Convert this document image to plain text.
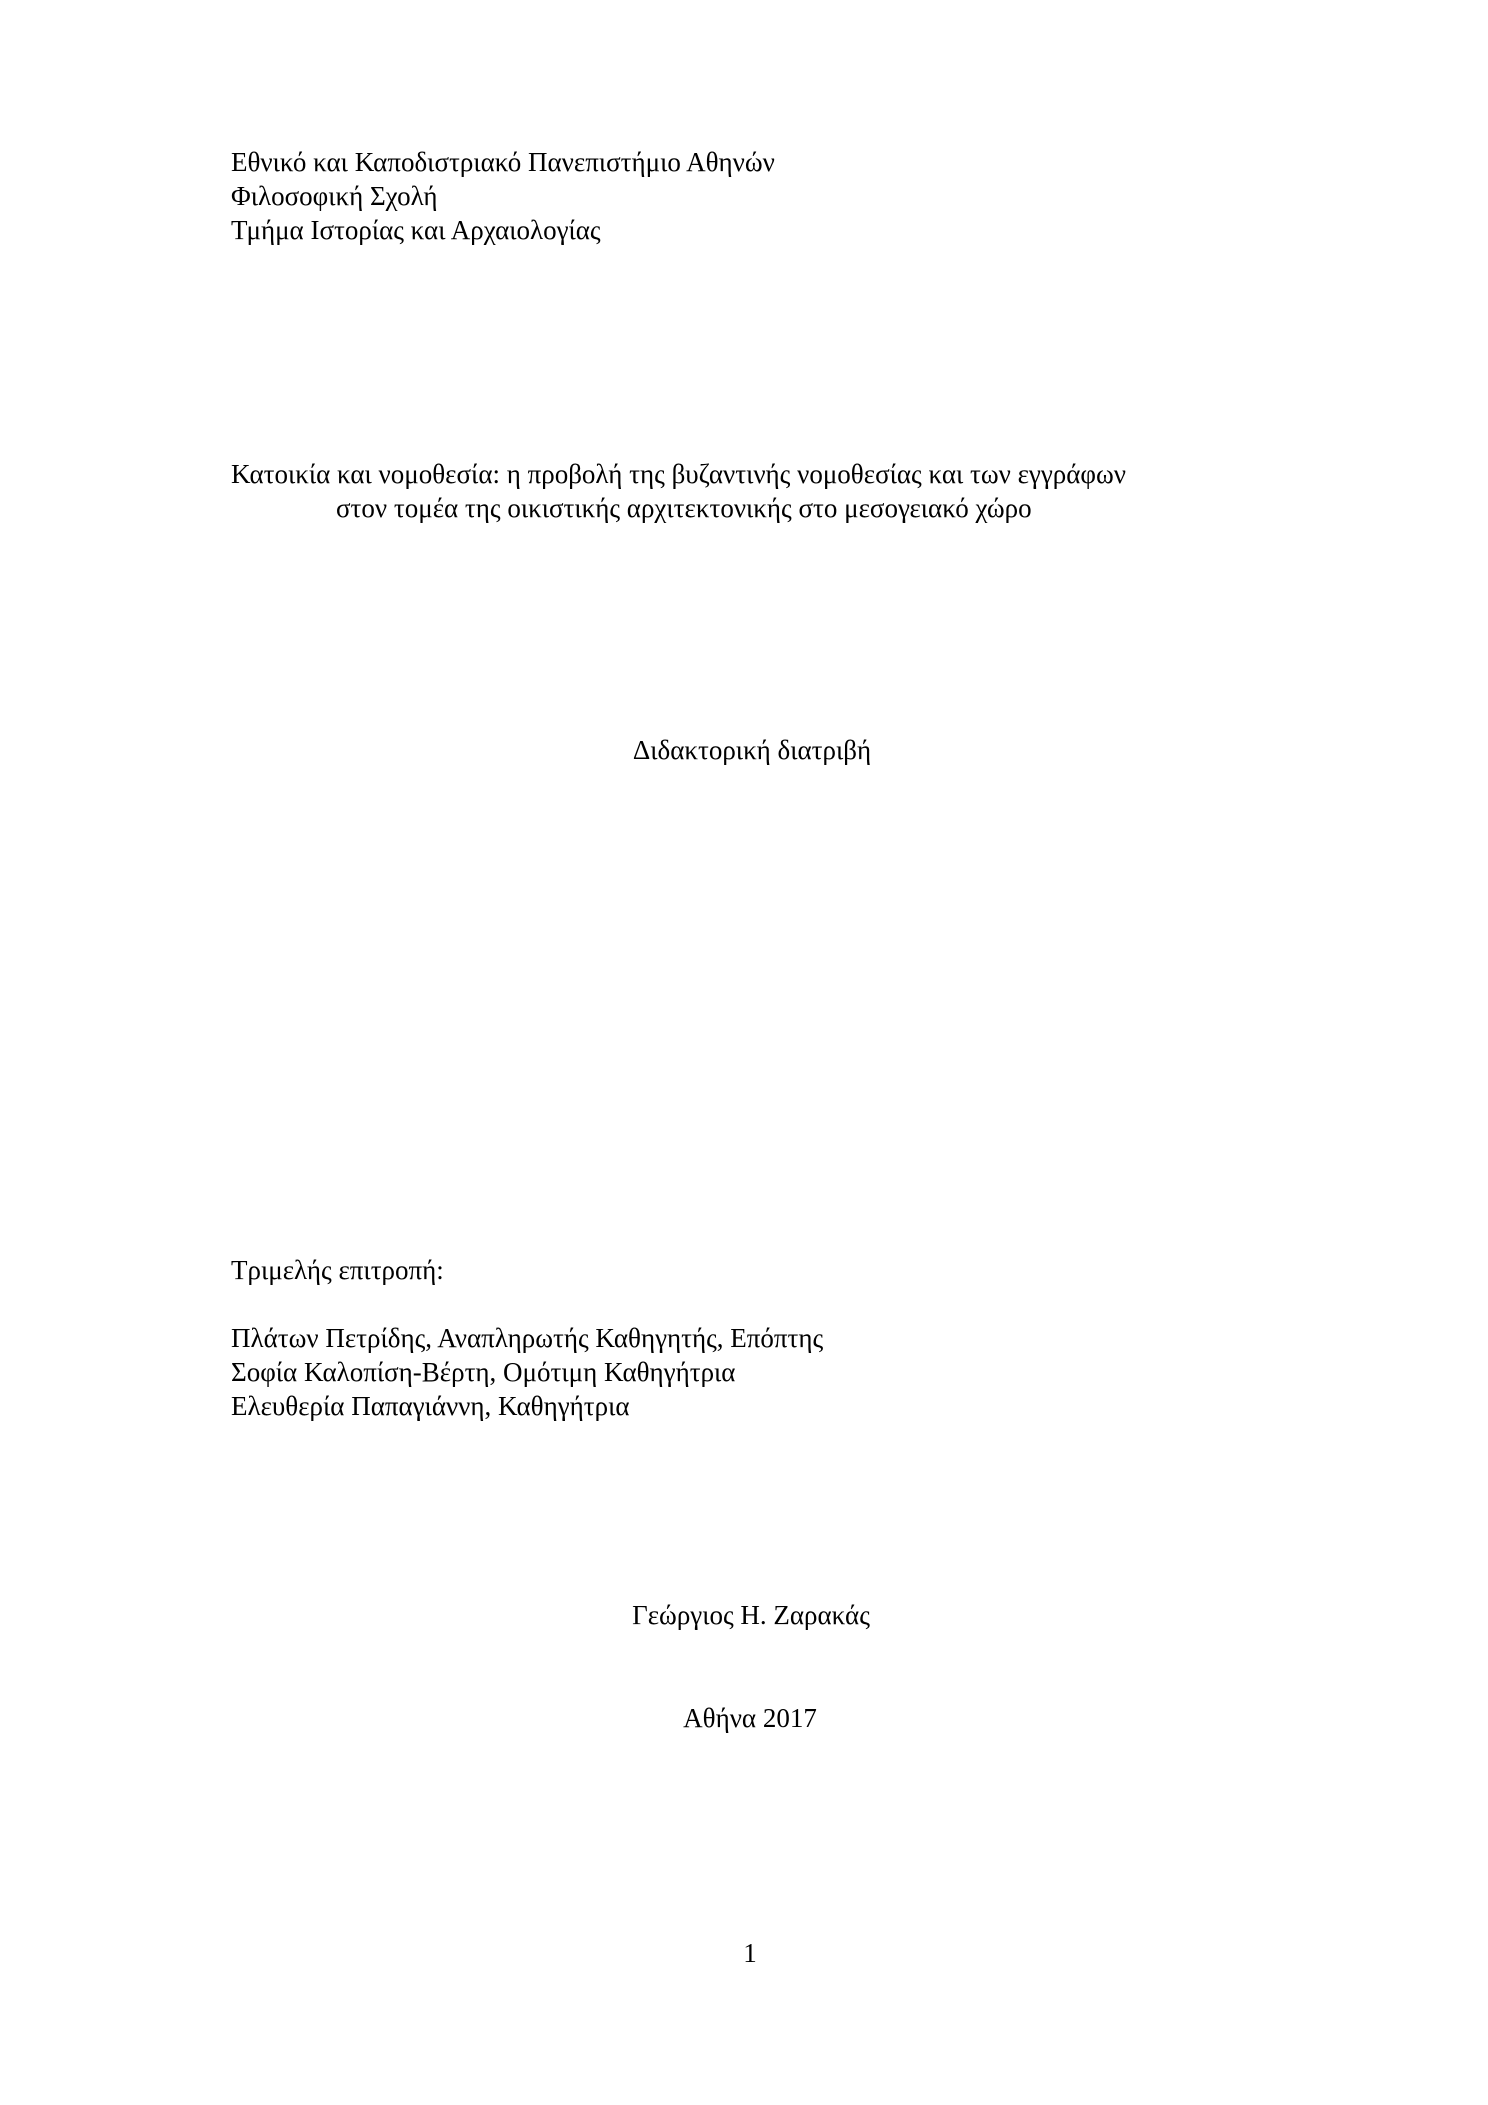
Εθνικό και Καποδιστριακό Πανεπιστήμιο Αθηνών
Φιλοσοφική Σχολή
Τμήμα Ιστορίας και Αρχαιολογίας
Κατοικία και νομοθεσία: η προβολή της βυζαντινής νομοθεσίας και των εγγράφων
στον τομέα της οικιστικής αρχιτεκτονικής στο μεσογειακό χώρο
Διδακτορική διατριβή
Τριμελής επιτροπή:
Πλάτων Πετρίδης, Αναπληρωτής Καθηγητής, Επόπτης
Σοφία Καλοπίση-Βέρτη, Ομότιμη Καθηγήτρια
Ελευθερία Παπαγιάννη, Καθηγήτρια
Γεώργιος Η. Ζαρακάς
Αθήνα 2017
1
